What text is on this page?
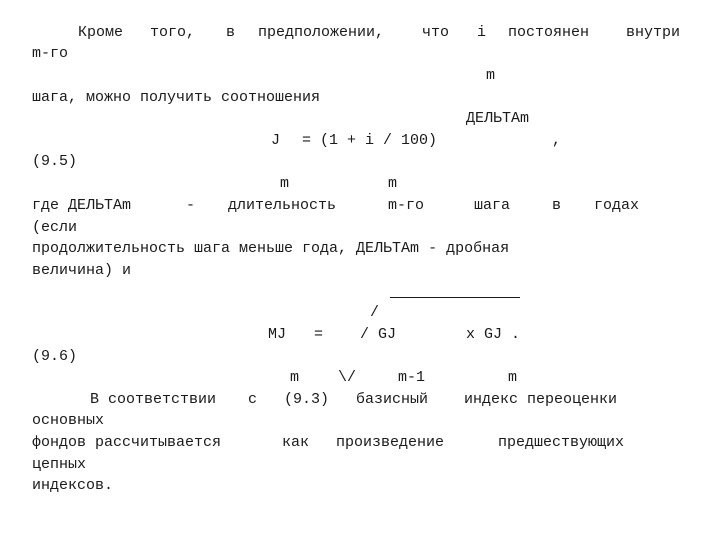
Кроме того, в предположении,	что i постоянен внутри
m-го
m
шага, можно получить соотношения
ДЕЛЬТАm
J = (1 + i / 100)	,
(9.5)
m	m
где ДЕЛЬТАm	- длительность	m-го	шага	в годах
(если
продолжительность шага меньше года, ДЕЛЬТАm - дробная
величина) и
/
MJ = / GJ	x GJ .
(9.6)
m	\/	m-1	m
В соответствии с (9.3) базисный индекс переоценки
основных
фондов рассчитывается	как произведение	предшествующих
цепных
индексов.
